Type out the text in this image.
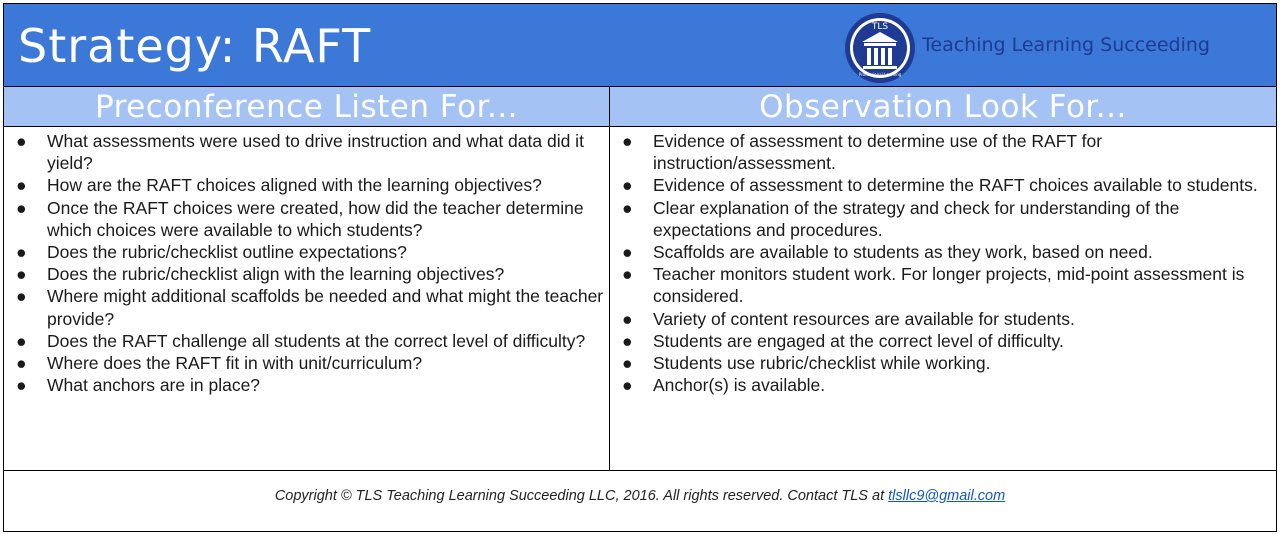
Strategy: RAFT	TLS
Professional Learning
Teaching Learning Succeeding
Preconference Listen For...	Observation Look For...
● What assessments were used to drive instruction and what data did it yield?
● How are the RAFT choices aligned with the learning objectives?
● Once the RAFT choices were created, how did the teacher determine which choices were available to which students?
● Does the rubric/checklist outline expectations?
● Does the rubric/checklist align with the learning objectives?
● Where might additional scaffolds be needed and what might the teacher provide?
● Does the RAFT challenge all students at the correct level of difficulty?
● Where does the RAFT fit in with unit/curriculum?
● What anchors are in place?
● Evidence of assessment to determine use of the RAFT for instruction/assessment.
● Evidence of assessment to determine the RAFT choices available to students.
● Clear explanation of the strategy and check for understanding of the expectations and procedures.
● Scaffolds are available to students as they work, based on need.
● Teacher monitors student work. For longer projects, mid-point assessment is considered.
● Variety of content resources are available for students.
● Students are engaged at the correct level of difficulty.
● Students use rubric/checklist while working.
● Anchor(s) is available.
Copyright © TLS Teaching Learning Succeeding LLC, 2016. All rights reserved. Contact TLS at tlsllc9@gmail.com
